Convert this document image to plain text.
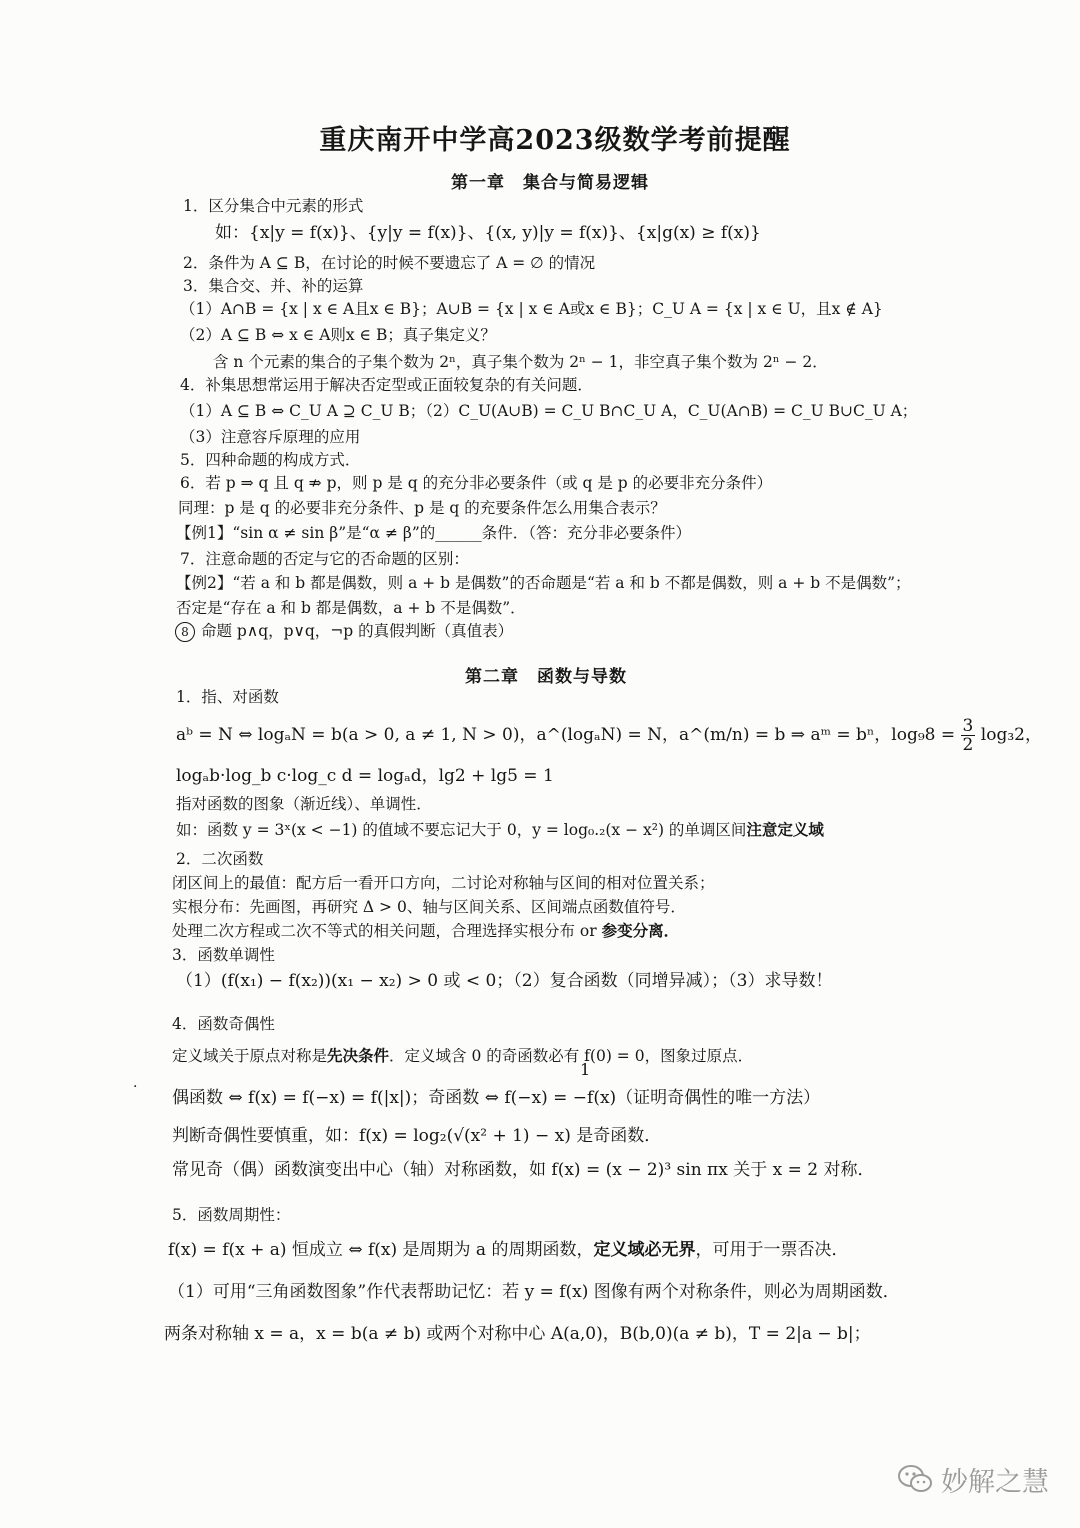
重庆南开中学高2023级数学考前提醒
第一章　集合与简易逻辑
1．区分集合中元素的形式
如：{x|y = f(x)}、{y|y = f(x)}、{(x, y)|y = f(x)}、{x|g(x) ≥ f(x)}
2．条件为 A ⊆ B，在讨论的时候不要遗忘了 A = ∅ 的情况
3．集合交、并、补的运算
（1）A∩B = {x | x ∈ A且x ∈ B}；A∪B = {x | x ∈ A或x ∈ B}；C_U A = {x | x ∈ U，且x ∉ A}
（2）A ⊆ B ⇔ x ∈ A则x ∈ B；真子集定义？
含 n 个元素的集合的子集个数为 2ⁿ，真子集个数为 2ⁿ − 1，非空真子集个数为 2ⁿ − 2．
4．补集思想常运用于解决否定型或正面较复杂的有关问题．
（1）A ⊆ B ⇔ C_U A ⊇ C_U B；（2）C_U(A∪B) = C_U B∩C_U A，C_U(A∩B) = C_U B∪C_U A；
（3）注意容斥原理的应用
5．四种命题的构成方式．
6．若 p ⇒ q 且 q ⇏ p，则 p 是 q 的充分非必要条件（或 q 是 p 的必要非充分条件）
同理：p 是 q 的必要非充分条件、p 是 q 的充要条件怎么用集合表示？
【例1】“sin α ≠ sin β”是“α ≠ β”的______条件．（答：充分非必要条件）
7．注意命题的否定与它的否命题的区别：
【例2】“若 a 和 b 都是偶数，则 a + b 是偶数”的否命题是“若 a 和 b 不都是偶数，则 a + b 不是偶数”；
否定是“存在 a 和 b 都是偶数，a + b 不是偶数”．
8 命题 p∧q，p∨q，¬p 的真假判断（真值表）
第二章　函数与导数
1．指、对函数
aᵇ = N ⇔ logₐN = b(a > 0, a ≠ 1, N > 0)，a^(logₐN) = N，a^(m/n) = b ⇒ aᵐ = bⁿ，$\log_98 = \frac{3}{2} \log_32$，
logₐb·log_b c·log_c d = logₐd，lg2 + lg5 = 1
指对函数的图象（渐近线）、单调性．
如：函数 y = 3ˣ(x < −1) 的值域不要忘记大于 0，y = log₀.₂(x − x²) 的单调区间注意定义域
2．二次函数
闭区间上的最值：配方后一看开口方向，二讨论对称轴与区间的相对位置关系；
实根分布：先画图，再研究 Δ > 0、轴与区间关系、区间端点函数值符号．
处理二次方程或二次不等式的相关问题，合理选择实根分布 or 参变分离．
3．函数单调性
（1）(f(x₁) − f(x₂))(x₁ − x₂) > 0 或 < 0；（2）复合函数（同增异减）；（3）求导数！
4．函数奇偶性
定义域关于原点对称是先决条件．定义域含 0 的奇函数必有 f(0) = 0，图象过原点．
偶函数 ⇔ f(x) = f(−x) = f(|x|)；奇函数 ⇔ f(−x) = −f(x)（证明奇偶性的唯一方法）
判断奇偶性要慎重，如：f(x) = log₂(√(x² + 1) − x) 是奇函数．
常见奇（偶）函数演变出中心（轴）对称函数，如 f(x) = (x − 2)³ sin πx 关于 x = 2 对称．
5．函数周期性：
f(x) = f(x + a) 恒成立 ⇔ f(x) 是周期为 a 的周期函数，定义域必无界，可用于一票否决．
（1）可用“三角函数图象”作代表帮助记忆：若 y = f(x) 图像有两个对称条件，则必为周期函数．
两条对称轴 x = a，x = b(a ≠ b) 或两个对称中心 A(a,0)，B(b,0)(a ≠ b)，T = 2|a − b|；
1
·
妙解之慧
